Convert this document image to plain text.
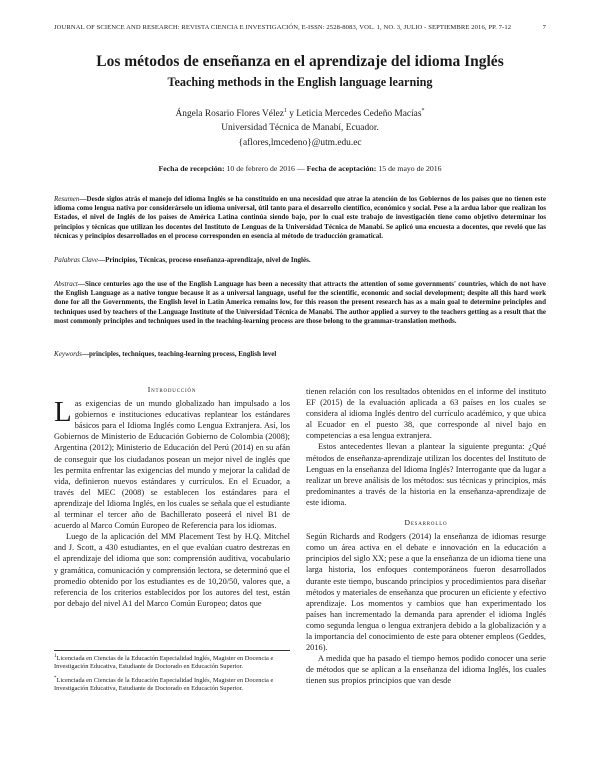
JOURNAL OF SCIENCE AND RESEARCH: REVISTA CIENCIA E INVESTIGACIÓN, E-ISSN: 2528-8083, VOL. 1, NO. 3, JULIO - SEPTIEMBRE 2016, PP. 7-12	7
Los métodos de enseñanza en el aprendizaje del idioma Inglés
Teaching methods in the English language learning
Ángela Rosario Flores Vélez$^1$ y Leticia Mercedes Cedeño Macías*
Universidad Técnica de Manabí, Ecuador.
{aflores,lmcedeno}@utm.edu.ec
Fecha de recepción: 10 de febrero de 2016 — Fecha de aceptación: 15 de mayo de 2016
Resumen—Desde siglos atrás el manejo del idioma Inglés se ha constituido en una necesidad que atrae la atención de los Gobiernos de los países que no tienen este idioma como lengua nativa por considerárselo un idioma universal, útil tanto para el desarrollo científico, económico y social. Pese a la ardua labor que realizan los Estados, el nivel de Inglés de los países de América Latina continúa siendo bajo, por lo cual este trabajo de investigación tiene como objetivo determinar los principios y técnicas que utilizan los docentes del Instituto de Lenguas de la Universidad Técnica de Manabí. Se aplicó una encuesta a docentes, que reveló que las técnicas y principios desarrollados en el proceso corresponden en esencia al método de traducción gramatical.
Palabras Clave—Principios, Técnicas, proceso enseñanza-aprendizaje, nivel de Inglés.
Abstract—Since centuries ago the use of the English Language has been a necessity that attracts the attention of some governments' countries, which do not have the English Language as a native tongue because it as a universal language, useful for the scientific, economic and social development; despite all this hard work done for all the Governments, the English level in Latin America remains low, for this reason the present research has as a main goal to determine principles and techniques used by teachers of the Language Institute of the Universidad Técnica de Manabí. The author applied a survey to the teachers getting as a result that the most commonly principles and techniques used in the teaching-learning process are those belong to the grammar-translation methods.
Keywords—principles, techniques, teaching-learning process, English level
Introducción

Las exigencias de un mundo globalizado han impulsado a los gobiernos e instituciones educativas replantear los estándares básicos para el Idioma Inglés como Lengua Extranjera. Así, los Gobiernos de Ministerio de Educación Gobierno de Colombia (2008); Argentina (2012); Ministerio de Educación del Perú (2014) en su afán de conseguir que los ciudadanos posean un mejor nivel de inglés que les permita enfrentar las exigencias del mundo y mejorar la calidad de vida, definieron nuevos estándares y currículos. En el Ecuador, a través del MEC (2008) se establecen los estándares para el aprendizaje del Idioma Inglés, en los cuales se señala que el estudiante al terminar el tercer año de Bachillerato poseerá el nivel B1 de acuerdo al Marco Común Europeo de Referencia para los idiomas.

Luego de la aplicación del MM Placement Test by H.Q. Mitchel and J. Scott, a 430 estudiantes, en el que evalúan cuatro destrezas en el aprendizaje del idioma que son: comprensión auditiva, vocabulario y gramática, comunicación y comprensión lectora, se determinó que el promedio obtenido por los estudiantes es de 10,20/50, valores que, a referencia de los criterios establecidos por los autores del test, están por debajo del nivel A1 del Marco Común Europeo; datos que

$^1$Licenciada en Ciencias de la Educación Especialidad Inglés, Magister en Docencia e Investigación Educativa, Estudiante de Doctorado en Educación Superior.

*Licenciada en Ciencias de la Educación Especialidad Inglés, Magister en Docencia e Investigación Educativa, Estudiante de Doctorado en Educación Superior.

tienen relación con los resultados obtenidos en el informe del instituto EF (2015) de la evaluación aplicada a 63 países en los cuales se considera al idioma Inglés dentro del currículo académico, y que ubica al Ecuador en el puesto 38, que corresponde al nivel bajo en competencias a esa lengua extranjera.

Estos antecedentes llevan a plantear la siguiente pregunta: ¿Qué métodos de enseñanza-aprendizaje utilizan los docentes del Instituto de Lenguas en la enseñanza del Idioma Inglés? Interrogante que da lugar a realizar un breve análisis de los métodos: sus técnicas y principios, más predominantes a través de la historia en la enseñanza-aprendizaje de este idioma.

Desarrollo

Según Richards and Rodgers (2014) la enseñanza de idiomas resurge como un área activa en el debate e innovación en la educación a principios del siglo XX; pese a que la enseñanza de un idioma tiene una larga historia, los enfoques contemporáneos fueron desarrollados durante este tiempo, buscando principios y procedimientos para diseñar métodos y materiales de enseñanza que procuren un eficiente y efectivo aprendizaje. Los momentos y cambios que han experimentado los países han incrementado la demanda para aprender el idioma Inglés como segunda lengua o lengua extranjera debido a la globalización y a la importancia del conocimiento de este para obtener empleos (Geddes, 2016).

A medida que ha pasado el tiempo hemos podido conocer una serie de métodos que se aplican a la enseñanza del idioma Inglés, los cuales tienen sus propios principios que van desde
